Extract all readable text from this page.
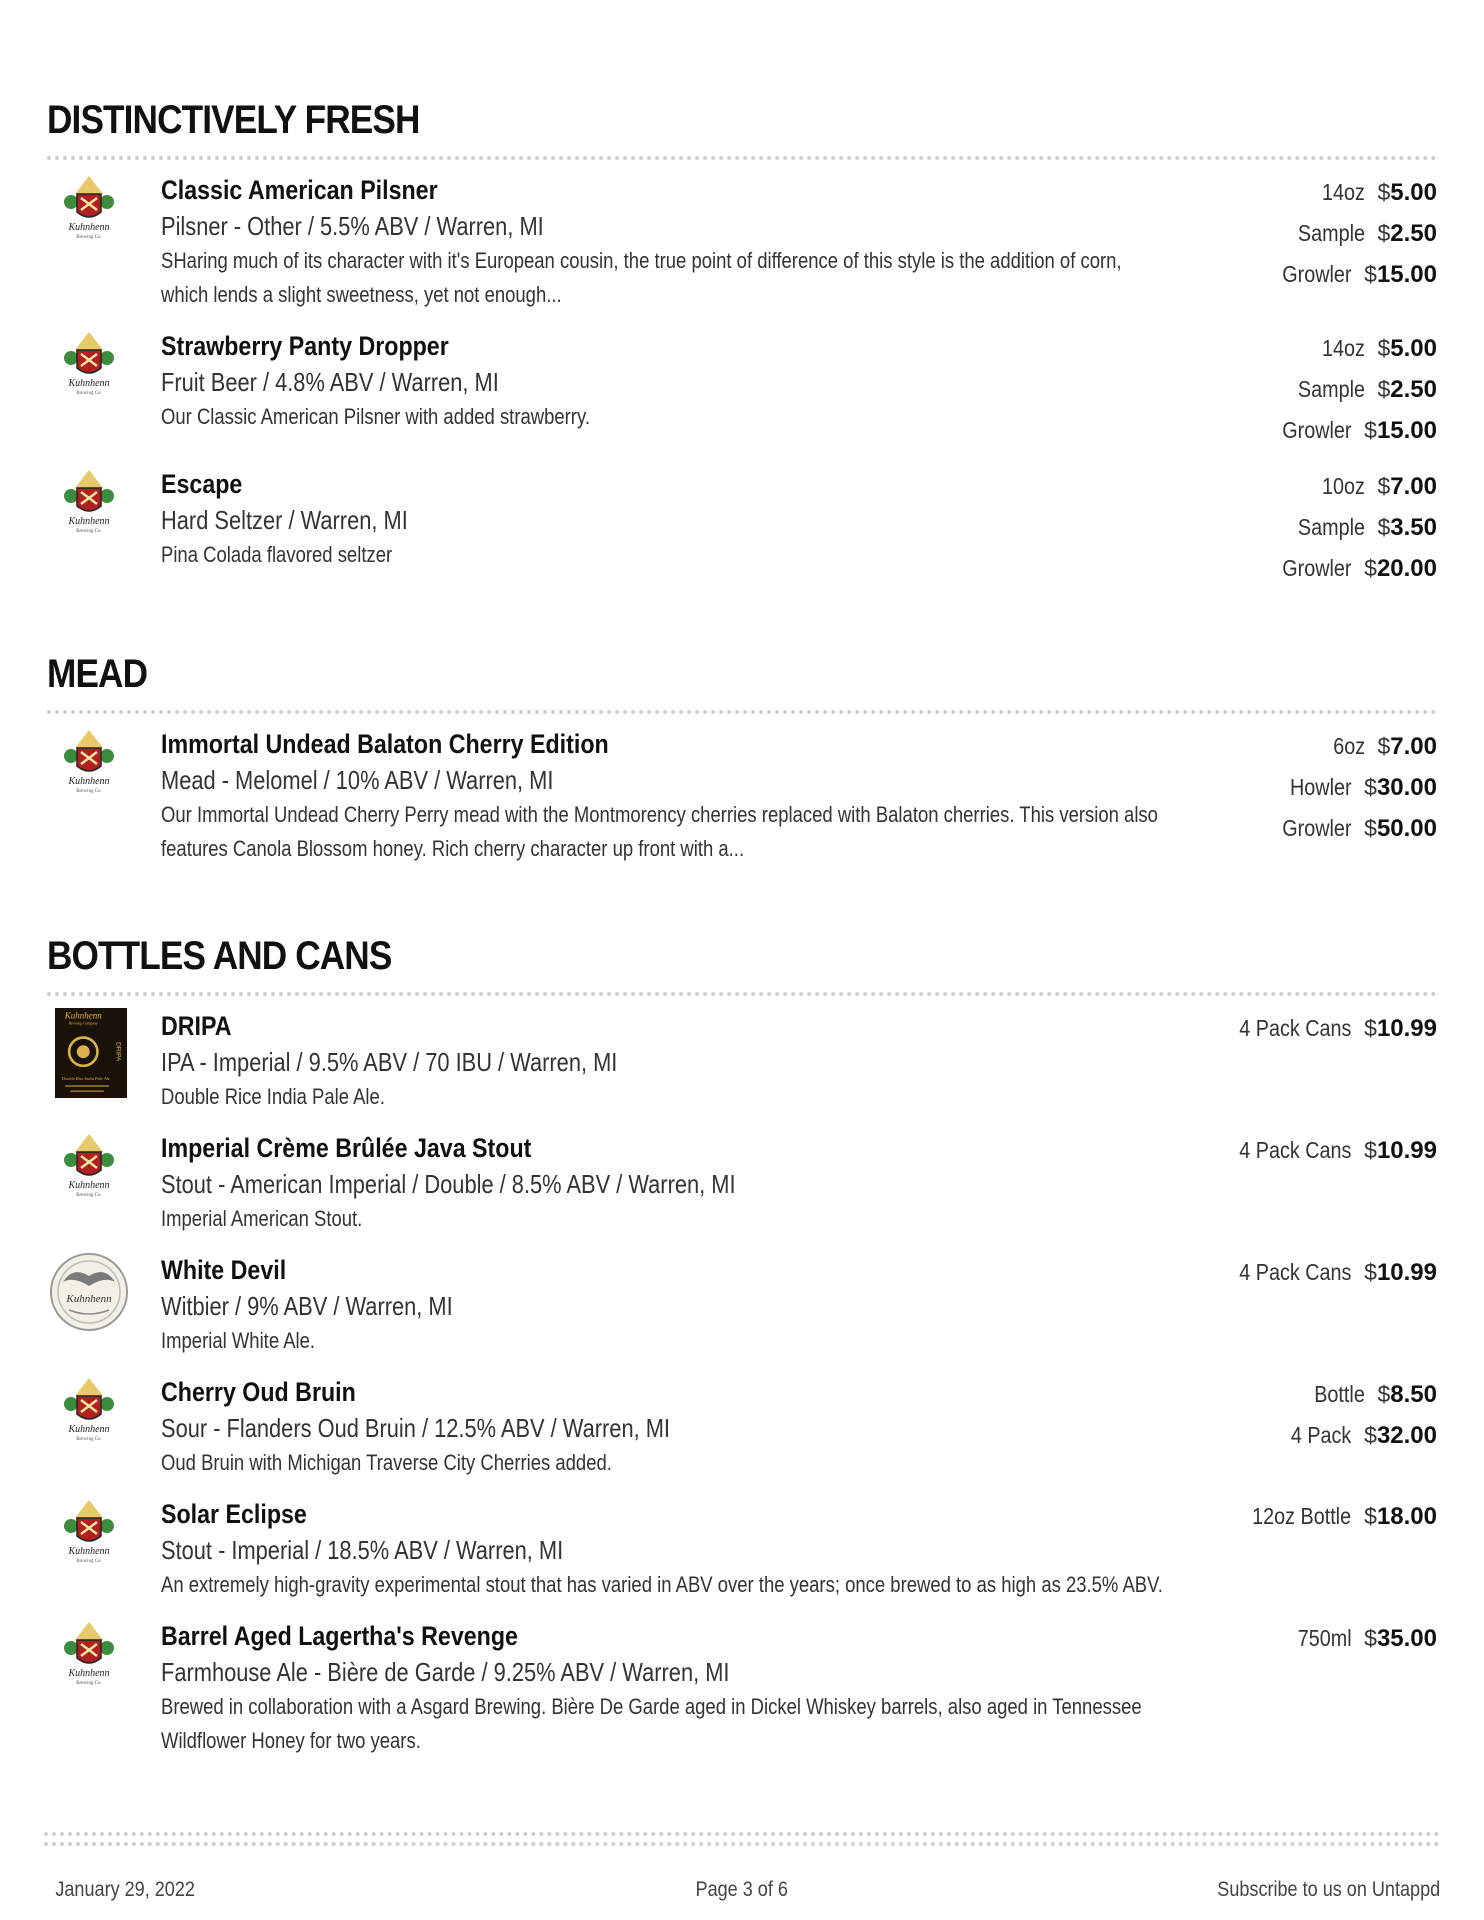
DISTINCTIVELY FRESH
Kuhnhenn
Brewing Co.
Classic American Pilsner
Pilsner - Other / 5.5% ABV / Warren, MI
SHaring much of its character with it's European cousin, the true point of difference of this style is the addition of corn, which lends a slight sweetness, yet not enough...
14oz $5.00
Sample $2.50
Growler $15.00
Kuhnhenn
Brewing Co.
Strawberry Panty Dropper
Fruit Beer / 4.8% ABV / Warren, MI
Our Classic American Pilsner with added strawberry.
14oz $5.00
Sample $2.50
Growler $15.00
Kuhnhenn
Brewing Co.
Escape
Hard Seltzer / Warren, MI
Pina Colada flavored seltzer
10oz $7.00
Sample $3.50
Growler $20.00
MEAD
Kuhnhenn
Brewing Co.
Immortal Undead Balaton Cherry Edition
Mead - Melomel / 10% ABV / Warren, MI
Our Immortal Undead Cherry Perry mead with the Montmorency cherries replaced with Balaton cherries. This version also features Canola Blossom honey. Rich cherry character up front with a...
6oz $7.00
Howler $30.00
Growler $50.00
BOTTLES AND CANS
Kuhnhenn
Brewing Company
DRIPA
Double Rice India Pale Ale
DRIPA
IPA - Imperial / 9.5% ABV / 70 IBU / Warren, MI
Double Rice India Pale Ale.
4 Pack Cans $10.99
Kuhnhenn
Brewing Co.
Imperial Crème Brûlée Java Stout
Stout - American Imperial / Double / 8.5% ABV / Warren, MI
Imperial American Stout.
4 Pack Cans $10.99
Kuhnhenn
White Devil
Witbier / 9% ABV / Warren, MI
Imperial White Ale.
4 Pack Cans $10.99
Kuhnhenn
Brewing Co.
Cherry Oud Bruin
Sour - Flanders Oud Bruin / 12.5% ABV / Warren, MI
Oud Bruin with Michigan Traverse City Cherries added.
Bottle $8.50
4 Pack $32.00
Kuhnhenn
Brewing Co.
Solar Eclipse
Stout - Imperial / 18.5% ABV / Warren, MI
An extremely high-gravity experimental stout that has varied in ABV over the years; once brewed to as high as 23.5% ABV.
12oz Bottle $18.00
Kuhnhenn
Brewing Co.
Barrel Aged Lagertha's Revenge
Farmhouse Ale - Bière de Garde / 9.25% ABV / Warren, MI
Brewed in collaboration with a Asgard Brewing. Bière De Garde aged in Dickel Whiskey barrels, also aged in Tennessee Wildflower Honey for two years.
750ml $35.00
January 29, 2022	Page 3 of 6	Subscribe to us on Untappd
